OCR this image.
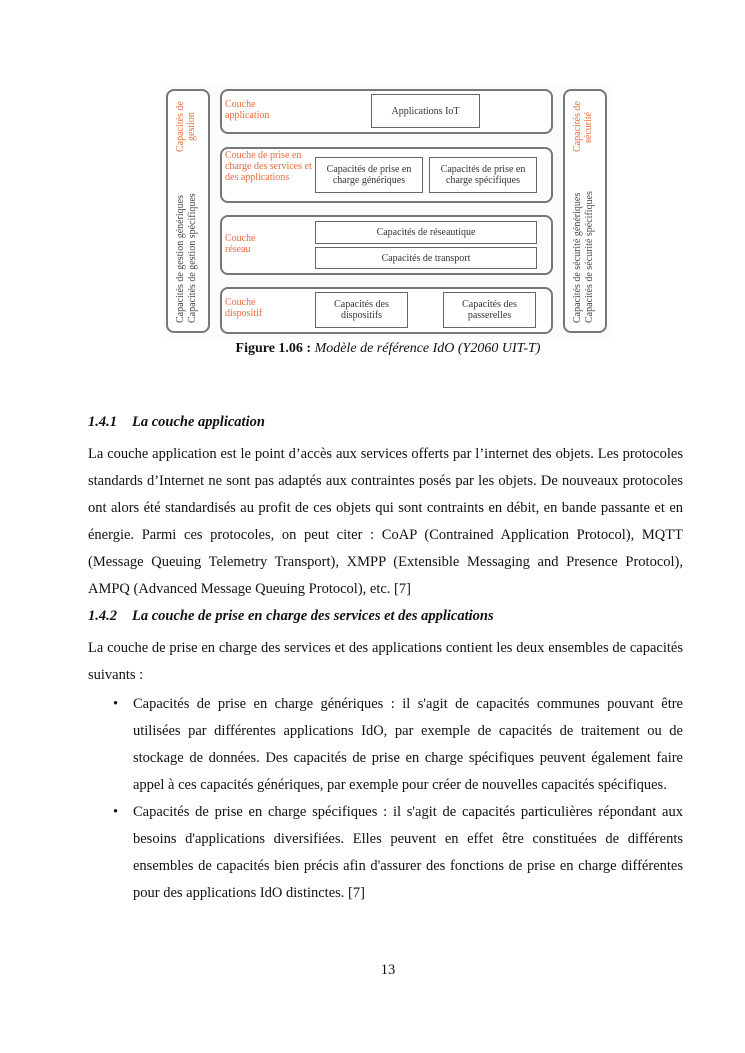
Capacités de gestion
Capacités de gestion génériques Capacités de gestion spécifiques
Capacités de sécurité
Capacités de sécurité génériques Capacités de sécurité spécifiques
Couche application	Applications IoT
Couche de prise en charge des services et des applications
Capacités de prise en charge génériques
Capacités de prise en charge spécifiques
Couche réseau
Capacités de réseautique
Capacités de transport
Couche dispositif
Capacités des dispositifs
Capacités des passerelles
Figure 1.06 : Modèle de référence IdO (Y2060 UIT-T)
1.4.1 La couche application
La couche application est le point d’accès aux services offerts par l’internet des objets. Les protocoles standards d’Internet ne sont pas adaptés aux contraintes posés par les objets. De nouveaux protocoles ont alors été standardisés au profit de ces objets qui sont contraints en débit, en bande passante et en énergie. Parmi ces protocoles, on peut citer : CoAP (Contrained Application Protocol), MQTT (Message Queuing Telemetry Transport), XMPP (Extensible Messaging and Presence Protocol), AMPQ (Advanced Message Queuing Protocol), etc. [7]
1.4.2 La couche de prise en charge des services et des applications
La couche de prise en charge des services et des applications contient les deux ensembles de capacités suivants :
• Capacités de prise en charge génériques : il s'agit de capacités communes pouvant être utilisées par différentes applications IdO, par exemple de capacités de traitement ou de stockage de données. Des capacités de prise en charge spécifiques peuvent également faire appel à ces capacités génériques, par exemple pour créer de nouvelles capacités spécifiques.
• Capacités de prise en charge spécifiques : il s'agit de capacités particulières répondant aux besoins d'applications diversifiées. Elles peuvent en effet être constituées de différents ensembles de capacités bien précis afin d'assurer des fonctions de prise en charge différentes pour des applications IdO distinctes. [7]
13
